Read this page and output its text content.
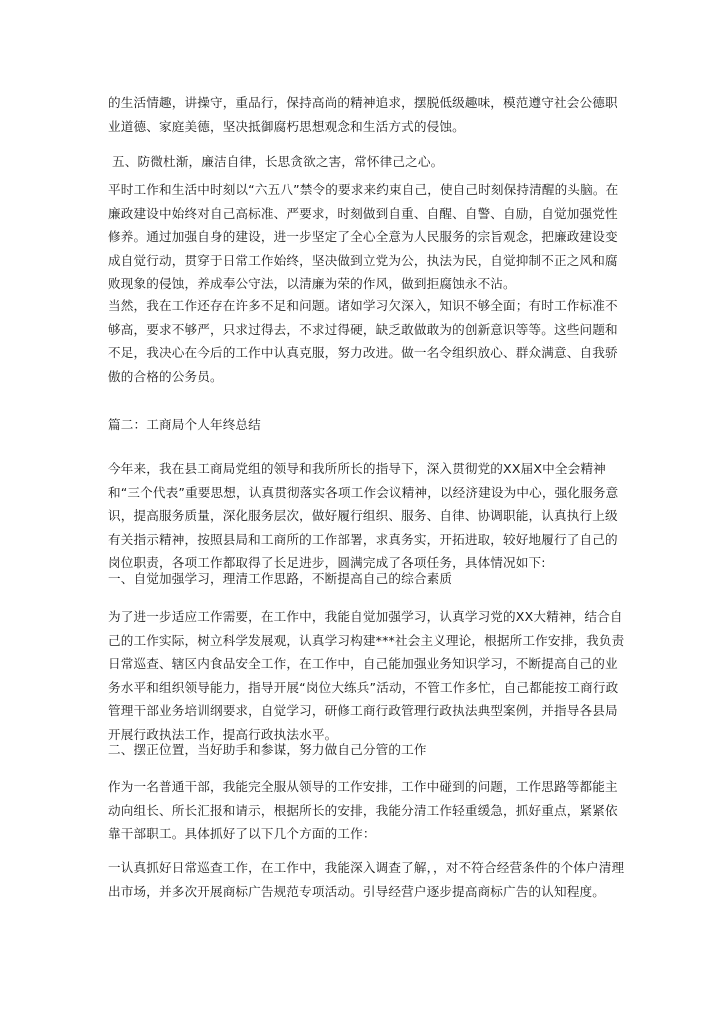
的生活情趣，讲操守，重品行，保持高尚的精神追求，摆脱低级趣味，模范遵守社会公德职业道德、家庭美德，坚决抵御腐朽思想观念和生活方式的侵蚀。

五、防微杜渐，廉洁自律，长思贪欲之害，常怀律己之心。

平时工作和生活中时刻以“六五八”禁令的要求来约束自己，使自己时刻保持清醒的头脑。在廉政建设中始终对自己高标准、严要求，时刻做到自重、自醒、自警、自励，自觉加强党性修养。通过加强自身的建设，进一步坚定了全心全意为人民服务的宗旨观念，把廉政建设变成自觉行动，贯穿于日常工作始终，坚决做到立党为公，执法为民，自觉抑制不正之风和腐败现象的侵蚀，养成奉公守法，以清廉为荣的作风，做到拒腐蚀永不沾。

当然，我在工作还存在许多不足和问题。诸如学习欠深入，知识不够全面；有时工作标准不够高，要求不够严，只求过得去，不求过得硬，缺乏敢做敢为的创新意识等等。这些问题和不足，我决心在今后的工作中认真克服，努力改进。做一名令组织放心、群众满意、自我骄傲的合格的公务员。

篇二：工商局个人年终总结

今年来，我在县工商局党组的领导和我所所长的指导下，深入贯彻党的XX届X中全会精神和“三个代表”重要思想，认真贯彻落实各项工作会议精神，以经济建设为中心，强化服务意识，提高服务质量，深化服务层次，做好履行组织、服务、自律、协调职能，认真执行上级有关指示精神，按照县局和工商所的工作部署，求真务实，开拓进取，较好地履行了自己的岗位职责，各项工作都取得了长足进步，圆满完成了各项任务，具体情况如下:

一、自觉加强学习，理清工作思路，不断提高自己的综合素质

为了进一步适应工作需要，在工作中，我能自觉加强学习，认真学习党的XX大精神，结合自己的工作实际，树立科学发展观，认真学习构建***社会主义理论，根据所工作安排，我负责日常巡查、辖区内食品安全工作，在工作中，自己能加强业务知识学习，不断提高自己的业务水平和组织领导能力，指导开展“岗位大练兵”活动，不管工作多忙，自己都能按工商行政管理干部业务培训纲要求，自觉学习，研修工商行政管理行政执法典型案例，并指导各县局开展行政执法工作，提高行政执法水平。

二、摆正位置，当好助手和参谋，努力做自己分管的工作

作为一名普通干部，我能完全服从领导的工作安排，工作中碰到的问题，工作思路等都能主动向组长、所长汇报和请示，根据所长的安排，我能分清工作轻重缓急，抓好重点，紧紧依靠干部职工。具体抓好了以下几个方面的工作：

一认真抓好日常巡查工作，在工作中，我能深入调查了解，，对不符合经营条件的个体户清理出市场，并多次开展商标广告规范专项活动。引导经营户逐步提高商标广告的认知程度。
